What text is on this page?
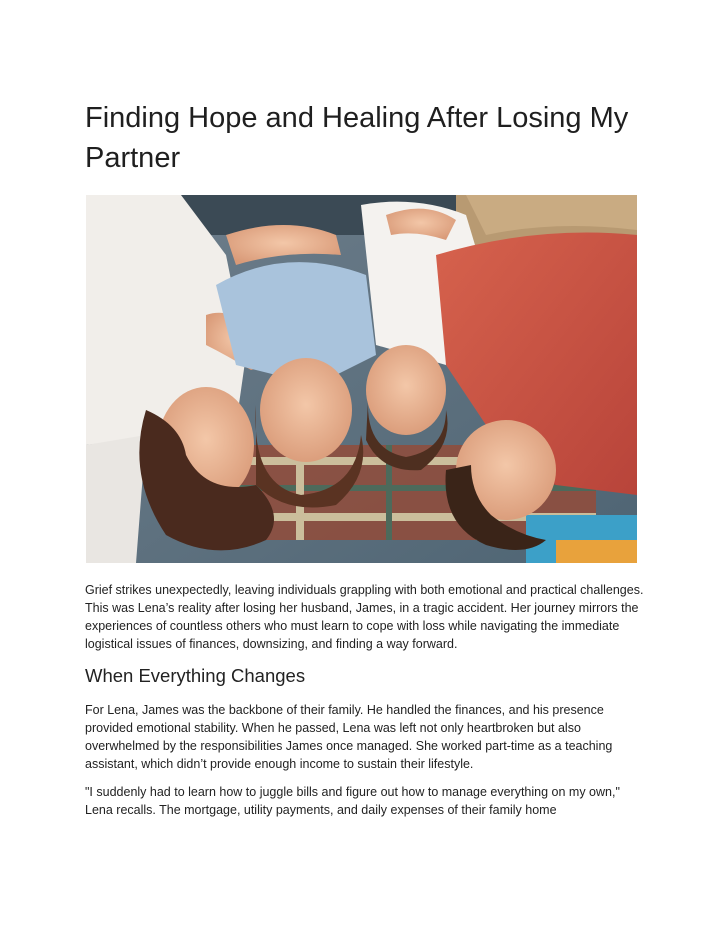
Finding Hope and Healing After Losing My Partner

Grief strikes unexpectedly, leaving individuals grappling with both emotional and practical challenges. This was Lena’s reality after losing her husband, James, in a tragic accident. Her journey mirrors the experiences of countless others who must learn to cope with loss while navigating the immediate logistical issues of finances, downsizing, and finding a way forward.

When Everything Changes

For Lena, James was the backbone of their family. He handled the finances, and his presence provided emotional stability. When he passed, Lena was left not only heartbroken but also overwhelmed by the responsibilities James once managed. She worked part-time as a teaching assistant, which didn’t provide enough income to sustain their lifestyle.

"I suddenly had to learn how to juggle bills and figure out how to manage everything on my own," Lena recalls. The mortgage, utility payments, and daily expenses of their family home
